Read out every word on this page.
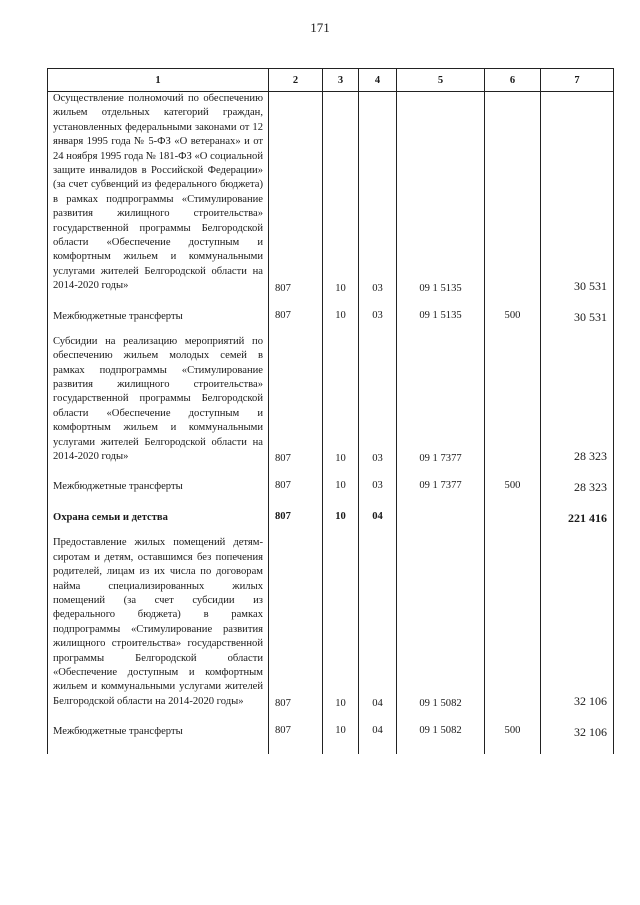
171
1	2	3	4	5	6	7
Осуществление полномочий по обеспечению жильем отдельных категорий граждан, установленных федеральными законами от 12 января 1995 года № 5-ФЗ «О ветеранах» и от 24 ноября 1995 года № 181-ФЗ «О социальной защите инвалидов в Российской Федерации» (за счет субвенций из федерального бюджета) в рамках подпрограммы «Стимулирование развития жилищного строительства» государственной программы Белгородской области «Обеспечение доступным и комфортным жильем и коммунальными услугами жителей Белгородской области на 2014-2020 годы»	807	10	03	09 1 5135		30 531

Межбюджетные трансферты	807	10	03	09 1 5135	500	30 531

Субсидии на реализацию мероприятий по обеспечению жильем молодых семей в рамках подпрограммы «Стимулирование развития жилищного строительства» государственной программы Белгородской области «Обеспечение доступным и комфортным жильем и коммунальными услугами жителей Белгородской области на 2014-2020 годы»	807	10	03	09 1 7377		28 323

Межбюджетные трансферты	807	10	03	09 1 7377	500	28 323

Охрана семьи и детства	807	10	04			221 416

Предоставление жилых помещений детям-сиротам и детям, оставшимся без попечения родителей, лицам из их числа по договорам найма специализированных жилых помещений (за счет субсидии из федерального бюджета) в рамках подпрограммы «Стимулирование развития жилищного строительства» государственной программы Белгородской области «Обеспечение доступным и комфортным жильем и коммунальными услугами жителей Белгородской области на 2014-2020 годы»	807	10	04	09 1 5082		32 106

Межбюджетные трансферты	807	10	04	09 1 5082	500	32 106
